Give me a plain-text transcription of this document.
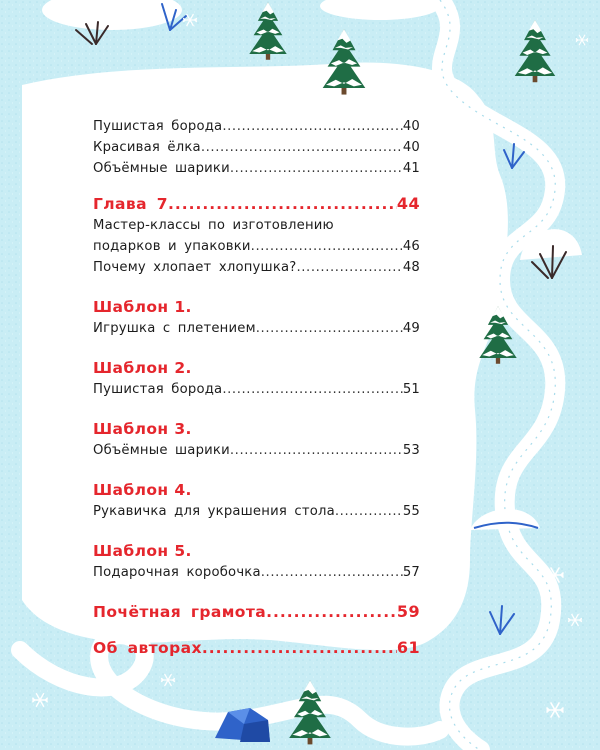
Пушистая борода .....	40
Красивая ёлка .....	40
Объёмные шарики .....	41
Глава 7 .....	44
Мастер-классы по изготовлению
подарков и упаковки .....	46
Почему хлопает хлопушка? .....	48
Шаблон 1.
Игрушка с плетением .....	49
Шаблон 2.
Пушистая борода .....	51
Шаблон 3.
Объёмные шарики .....	53
Шаблон 4.
Рукавичка для украшения стола .....	55
Шаблон 5.
Подарочная коробочка .....	57
Почётная грамота .....	59
Об авторах .....	61
